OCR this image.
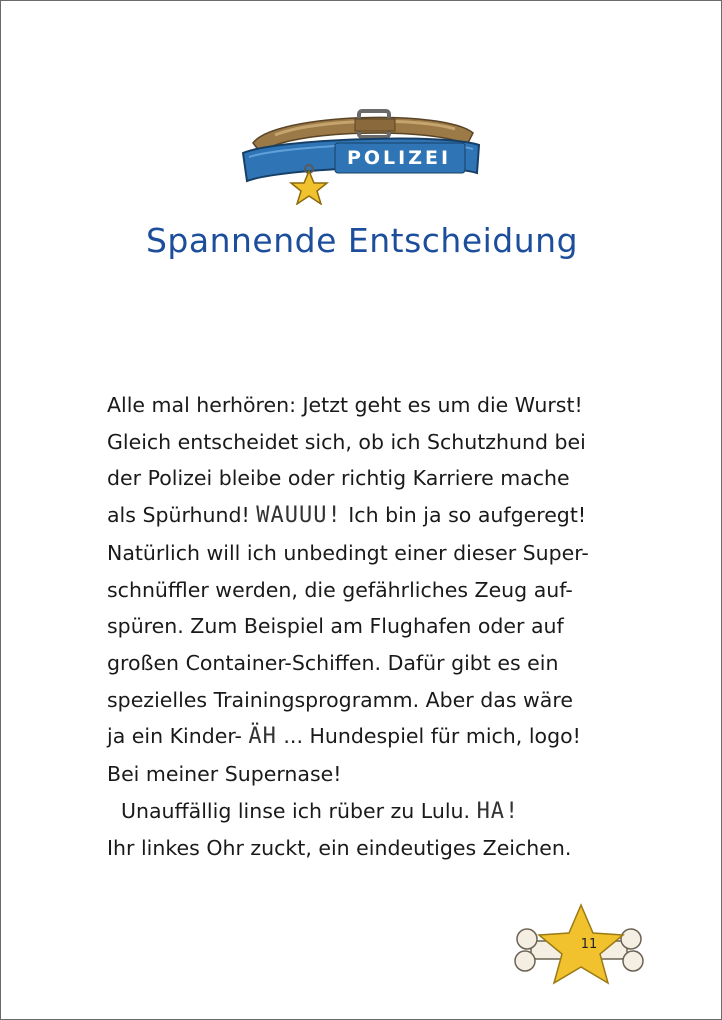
POLIZEI
Spannende Entscheidung
Alle mal herhören: Jetzt geht es um die Wurst!
Gleich entscheidet sich, ob ich Schutzhund bei
der Polizei bleibe oder richtig Karriere mache
als Spürhund! WAUUU! Ich bin ja so aufgeregt!
Natürlich will ich unbedingt einer dieser Super-
schnüffler werden, die gefährliches Zeug auf-
spüren. Zum Beispiel am Flughafen oder auf
großen Container-Schiffen. Dafür gibt es ein
spezielles Trainingsprogramm. Aber das wäre
ja ein Kinder- ÄH ... Hundespiel für mich, logo!
Bei meiner Supernase!
Unauffällig linse ich rüber zu Lulu. HA!
Ihr linkes Ohr zuckt, ein eindeutiges Zeichen.
11
